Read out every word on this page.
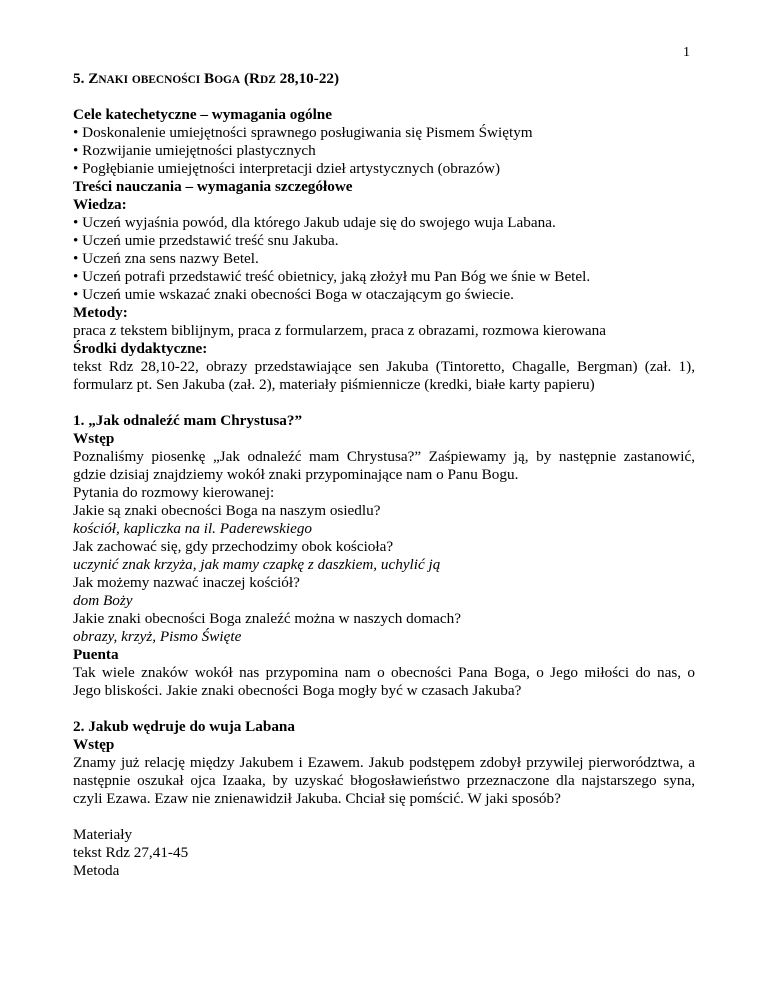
1
5. ZNAKI OBECNOŚCI BOGA (RDZ 28,10-22)
Cele katechetyczne – wymagania ogólne
• Doskonalenie umiejętności sprawnego posługiwania się Pismem Świętym
• Rozwijanie umiejętności plastycznych
• Pogłębianie umiejętności interpretacji dzieł artystycznych (obrazów)
Treści nauczania – wymagania szczegółowe
Wiedza:
• Uczeń wyjaśnia powód, dla którego Jakub udaje się do swojego wuja Labana.
• Uczeń umie przedstawić treść snu Jakuba.
• Uczeń zna sens nazwy Betel.
• Uczeń potrafi przedstawić treść obietnicy, jaką złożył mu Pan Bóg we śnie w Betel.
• Uczeń umie wskazać znaki obecności Boga w otaczającym go świecie.
Metody:
praca z tekstem biblijnym, praca z formularzem, praca z obrazami, rozmowa kierowana
Środki dydaktyczne:
tekst Rdz 28,10-22, obrazy przedstawiające sen Jakuba (Tintoretto, Chagalle, Bergman) (zał. 1),
formularz pt. Sen Jakuba (zał. 2), materiały piśmiennicze (kredki, białe karty papieru)
1. „Jak odnaleźć mam Chrystusa?”
Wstęp
Poznaliśmy piosenkę „Jak odnaleźć mam Chrystusa?” Zaśpiewamy ją, by następnie zastanowić,
gdzie dzisiaj znajdziemy wokół znaki przypominające nam o Panu Bogu.
Pytania do rozmowy kierowanej:
Jakie są znaki obecności Boga na naszym osiedlu?
kościół, kapliczka na il. Paderewskiego
Jak zachować się, gdy przechodzimy obok kościoła?
uczynić znak krzyża, jak mamy czapkę z daszkiem, uchylić ją
Jak możemy nazwać inaczej kościół?
dom Boży
Jakie znaki obecności Boga znaleźć można w naszych domach?
obrazy, krzyż, Pismo Święte
Puenta
Tak wiele znaków wokół nas przypomina nam o obecności Pana Boga, o Jego miłości do nas, o
Jego bliskości. Jakie znaki obecności Boga mogły być w czasach Jakuba?
2. Jakub wędruje do wuja Labana
Wstęp
Znamy już relację między Jakubem i Ezawem. Jakub podstępem zdobył przywilej pierworództwa, a
następnie oszukał ojca Izaaka, by uzyskać błogosławieństwo przeznaczone dla najstarszego syna,
czyli Ezawa. Ezaw nie znienawidził Jakuba. Chciał się pomścić. W jaki sposób?
Materiały
tekst Rdz 27,41-45
Metoda
